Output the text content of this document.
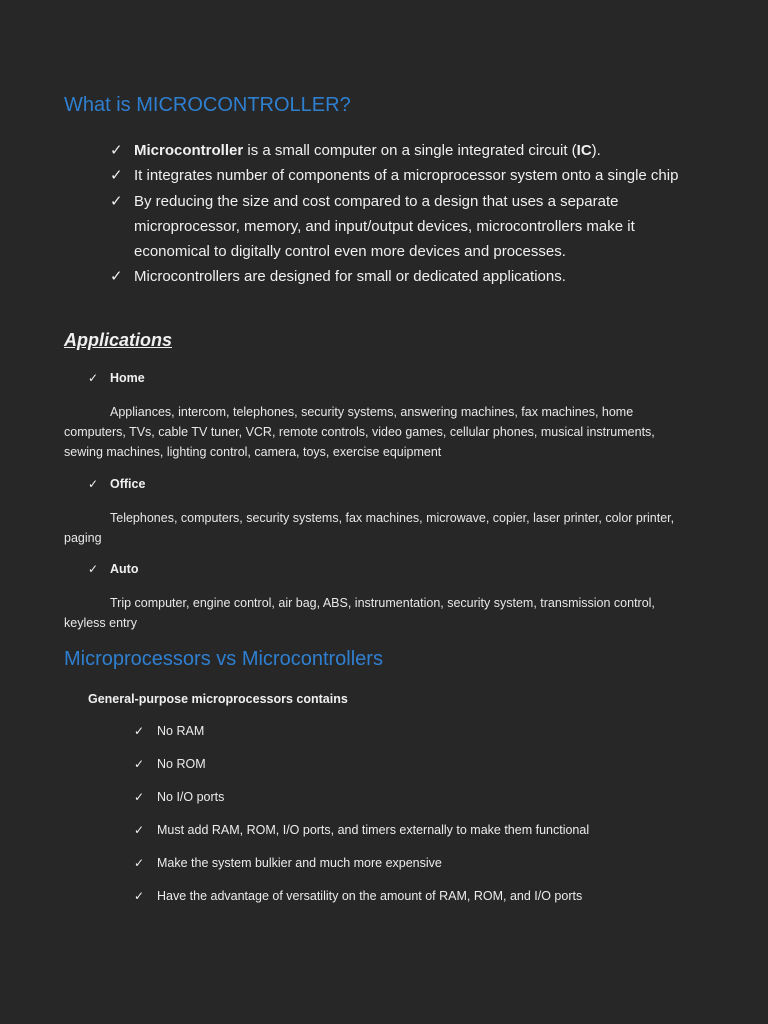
What is MICROCONTROLLER?
✓ Microcontroller is a small computer on a single integrated circuit (IC).
✓ It integrates number of components of a microprocessor system onto a single chip
✓ By reducing the size and cost compared to a design that uses a separate microprocessor, memory, and input/output devices, microcontrollers make it economical to digitally control even more devices and processes.
✓ Microcontrollers are designed for small or dedicated applications.
Applications
✓ Home

Appliances, intercom, telephones, security systems, answering machines, fax machines, home computers, TVs, cable TV tuner, VCR, remote controls, video games, cellular phones, musical instruments, sewing machines, lighting control, camera, toys, exercise equipment

✓ Office

Telephones, computers, security systems, fax machines, microwave, copier, laser printer, color printer, paging

✓ Auto

Trip computer, engine control, air bag, ABS, instrumentation, security system, transmission control, keyless entry

Microprocessors vs Microcontrollers

General-purpose microprocessors contains

✓ No RAM
✓ No ROM
✓ No I/O ports
✓ Must add RAM, ROM, I/O ports, and timers externally to make them functional
✓ Make the system bulkier and much more expensive
✓ Have the advantage of versatility on the amount of RAM, ROM, and I/O ports
